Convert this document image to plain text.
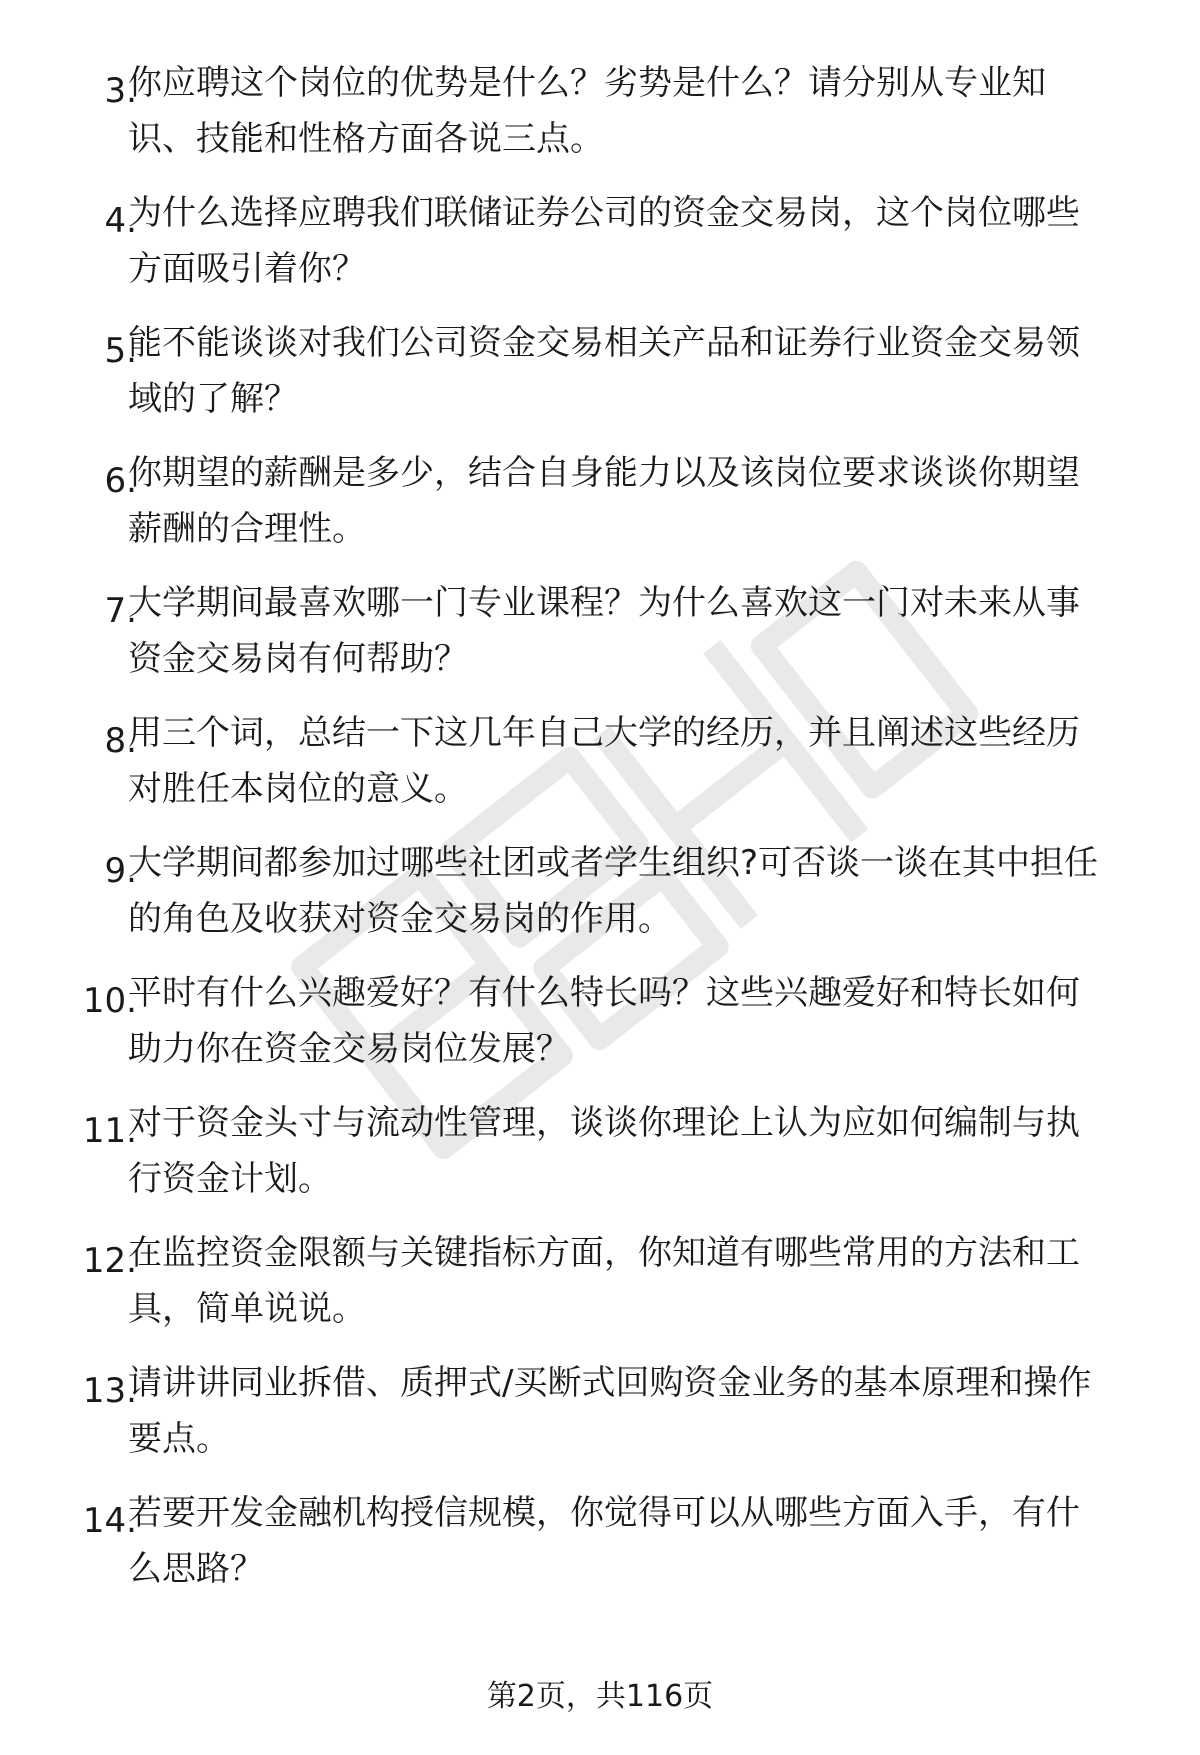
3.
你应聘这个岗位的优势是什么？劣势是什么？请分别从专业知
识、技能和性格方面各说三点。
4.
为什么选择应聘我们联储证券公司的资金交易岗，这个岗位哪些
方面吸引着你？
5.
能不能谈谈对我们公司资金交易相关产品和证券行业资金交易领
域的了解？
6.
你期望的薪酬是多少，结合自身能力以及该岗位要求谈谈你期望
薪酬的合理性。
7.
大学期间最喜欢哪一门专业课程？为什么喜欢这一门对未来从事
资金交易岗有何帮助？
8.
用三个词，总结一下这几年自己大学的经历，并且阐述这些经历
对胜任本岗位的意义。
9.
大学期间都参加过哪些社团或者学生组织?可否谈一谈在其中担任
的角色及收获对资金交易岗的作用。
10.
平时有什么兴趣爱好？有什么特长吗？这些兴趣爱好和特长如何
助力你在资金交易岗位发展？
11.
对于资金头寸与流动性管理，谈谈你理论上认为应如何编制与执
行资金计划。
12.
在监控资金限额与关键指标方面，你知道有哪些常用的方法和工
具，简单说说。
13.
请讲讲同业拆借、质押式/买断式回购资金业务的基本原理和操作
要点。
14.
若要开发金融机构授信规模，你觉得可以从哪些方面入手，有什
么思路？
第2页，共116页
